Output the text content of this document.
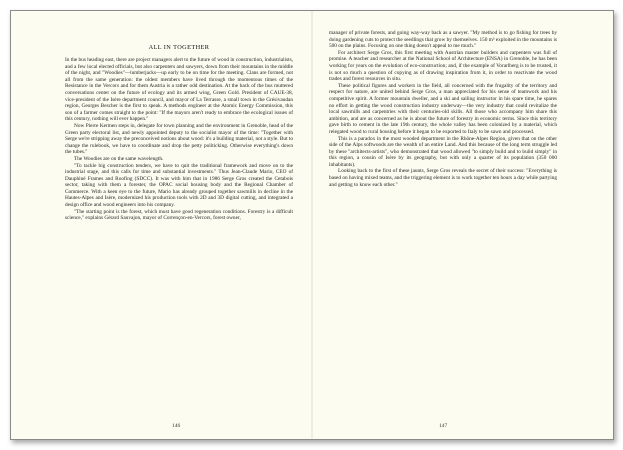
ALL IN TOGETHER

In the bus heading east, there are project managers alert to the future of wood in construction, industrialists, and a few local elected officials, but also carpenters and sawyers, down from their mountains in the middle of the night, and "Woodies"—lumberjacks—up early to be on time for the meeting. Clans are formed, not all from the same generation: the oldest members have lived through the momentous times of the Resistance in the Vercors and for them Austria is a rather odd destination. At the back of the bus muttered conversations center on the future of ecology and its armed wing, Green Gold. President of CAUE-38, vice-president of the Isère department council, and mayor of La Terrasse, a small town in the Grésivaudan region, Georges Bescher is the first to speak. A methods engineer at the Atomic Energy Commission, this son of a farmer comes straight to the point: "If the mayors aren't ready to embrace the ecological issues of this century, nothing will ever happen."

Now Pierre Kermen steps in, delegate for town planning and the environment in Grenoble, head of the Green party electoral list, and newly appointed deputy to the socialist mayor of the time: "Together with Serge we're stripping away the preconceived notions about wood: it's a building material, not a style. But to change the rulebook, we have to coordinate and drop the petty politicking. Otherwise everything's down the tubes."

The Woodies are on the same wavelength.

"To tackle big construction tenders, we have to quit the traditional framework and move on to the industrial stage, and this calls for time and substantial investments." Thus Jean-Claude Mario, CEO of Dauphiné Frames and Roofing (SDCC). It was with him that in 1986 Serge Gros created the Cetabois sector, taking with them a forester, the OPAC social housing body and the Regional Chamber of Commerce. With a keen eye to the future, Mario has already grouped together sawmills in decline in the Hautes-Alpes and Isère, modernized his production tools with 2D and 3D digital cutting, and integrated a design office and wood engineers into his company.

"The starting point is the forest, which must have good regeneration conditions. Forestry is a difficult science," explains Gérard Sauvajon, mayor of Corrençon-en-Vercors, forest owner,

manager of private forests, and going way-way back as a sawyer. "My method is to go fishing for trees by doing gardening cuts to protect the seedlings that grow by themselves. 150 m³ exploited in the mountains is 500 on the plains. Focusing on one thing doesn't appeal to me much."

For architect Serge Gros, this first meeting with Austrian master builders and carpenters was full of promise. A teacher and researcher at the National School of Architecture (ENSA) in Grenoble, he has been working for years on the evolution of eco-construction; and, if the example of Vorarlberg is to be trusted, it is not so much a question of copying as of drawing inspiration from it, in order to reactivate the wood trades and forest resources in situ.

These political figures and workers in the field, all concerned with the frugality of the territory and respect for nature, are united behind Serge Gros, a man appreciated for his sense of teamwork and his competitive spirit. A former mountain dweller, and a ski and sailing instructor in his spare time, he spares no effort in getting the wood construction industry underway—the very industry that could revitalize the local sawmills and carpentries with their centuries-old skills. All those who accompany him share this ambition, and are as concerned as he is about the future of forestry in economic terms. Since this territory gave birth to cement in the late 19th century, the whole valley has been colonized by a material, which relegated wood to rural housing before it began to be exported to Italy to be sawn and processed.

This is a paradox in the most wooded department in the Rhône-Alpes Region, given that on the other side of the Alps softwoods are the wealth of an entire Land. And this because of the long term struggle led by these "architects-artists", who demonstrated that wood allowed "to simply build and to build simply" in this region, a cousin of Isère by its geography, but with only a quarter of its population (350 000 inhabitants).

Looking back to the first of these jaunts, Serge Gros reveals the secret of their success: "Everything is based on having mixed teams, and the triggering element is to work together ten hours a day while partying and getting to know each other."

146	147
